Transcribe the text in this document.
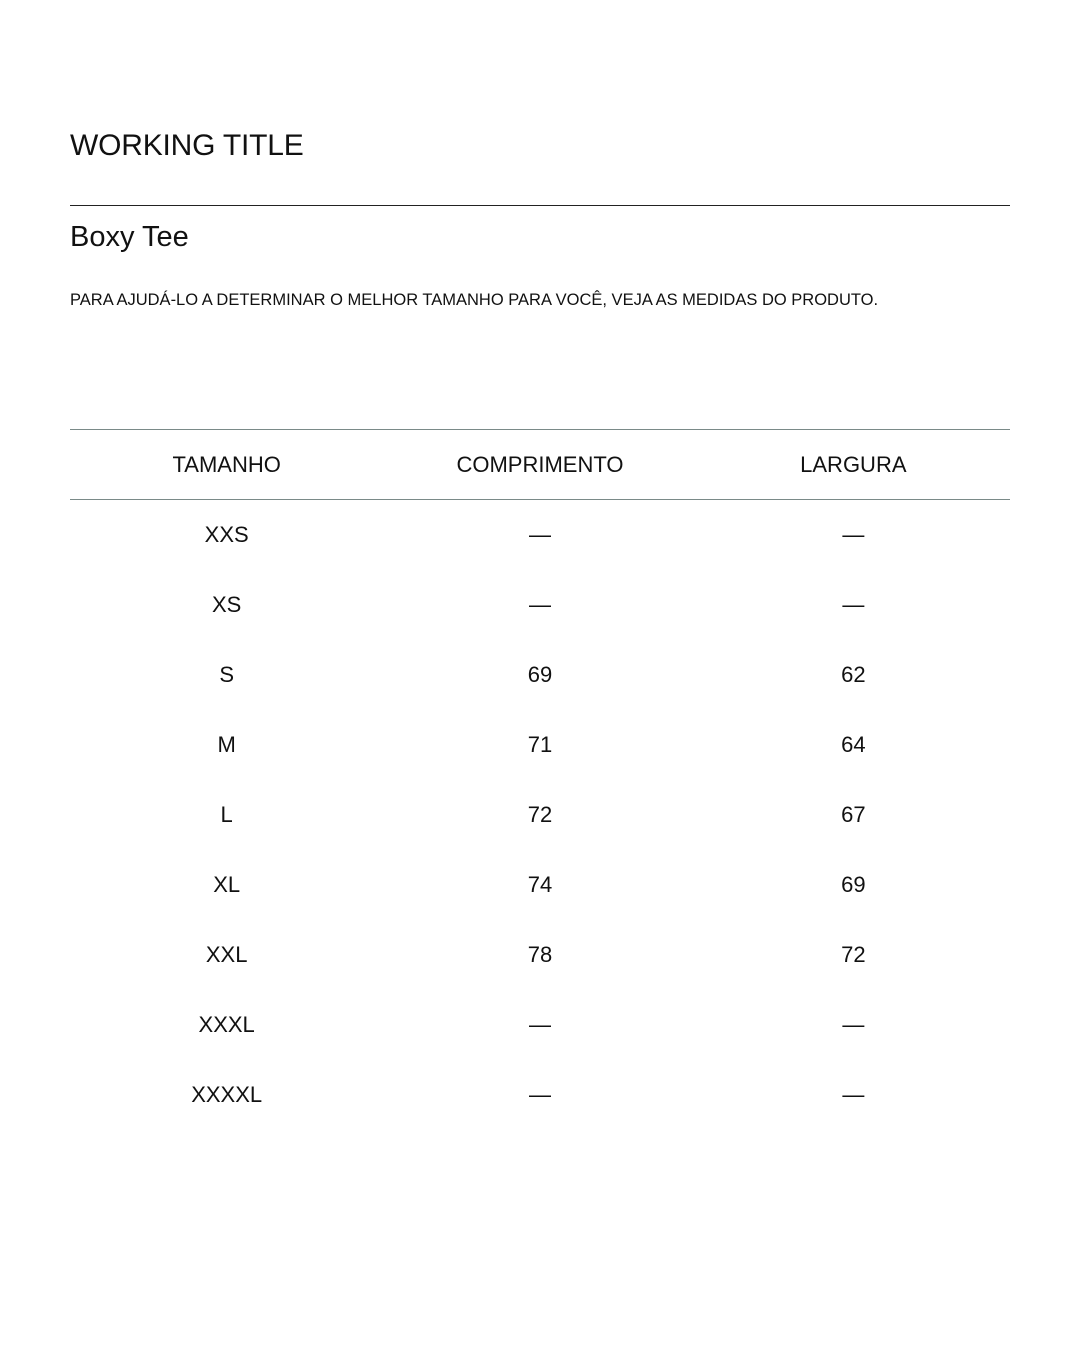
WORKING TITLE
Boxy Tee

PARA AJUDÁ-LO A DETERMINAR O MELHOR TAMANHO PARA VOCÊ, VEJA AS MEDIDAS DO PRODUTO.

TAMANHO	COMPRIMENTO	LARGURA
XXS	—	—
XS	—	—
S	69	62
M	71	64
L	72	67
XL	74	69
XXL	78	72
XXXL	—	—
XXXXL	—	—
